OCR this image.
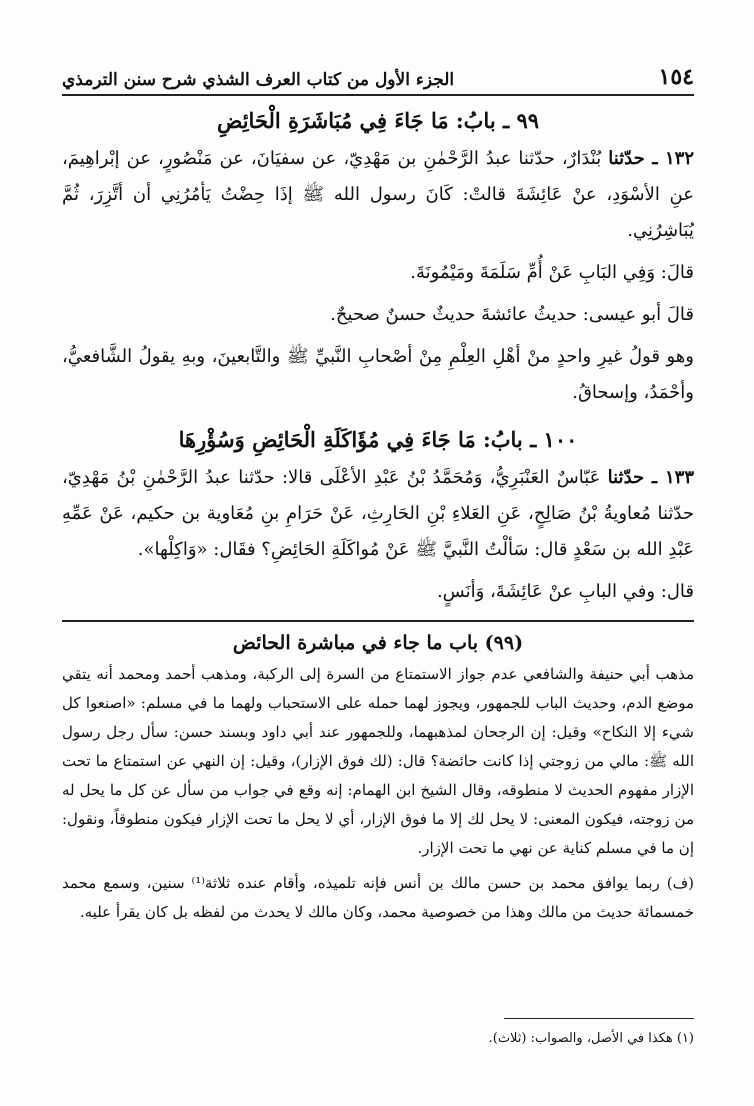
١٥٤
الجزء الأول من كتاب العرف الشذي شرح سنن الترمذي

٩٩ ـ بابُ: مَا جَاءَ فِي مُبَاشَرَةِ الْحَائِضِ

١٣٢ ـ حدّثنا بُنْدَارٌ، حدّثنا عبدُ الرَّحْمٰنِ بن مَهْدِيّ، عن سفيَانَ، عن مَنْصُورٍ، عن إبْراهِيمَ، عنِ الأسْوَدِ، عنْ عَائِشَةَ قالتْ: كَانَ رسول الله ﷺ إذَا حِضْتُ يَأمُرُنِي أن أتَّزِرَ، ثُمَّ يُبَاشِرُنِي.

قالَ: وَفِي البَابِ عَنْ أُمِّ سَلَمَةَ ومَيْمُونَةَ.

قالَ أبو عيسى: حديثُ عائشةَ حديثٌ حسنٌ صحيحٌ.

وهو قولُ غيرِ واحدٍ منْ أهْلِ العِلْمِ مِنْ أصْحابِ النَّبيِّ ﷺ والتَّابعينَ، وبهِ يقولُ الشَّافعيُّ، وأحْمَدُ، وإسحاقُ.

١٠٠ ـ بابُ: مَا جَاءَ فِي مُؤَاكَلَةِ الْحَائِضِ وَسُؤْرِهَا

١٣٣ ـ حدّثنا عَبّاسٌ العَنْبَرِيُّ، وَمُحَمَّدُ بْنُ عَبْدِ الأعْلَى قالا: حدّثنا عبدُ الرَّحْمٰنِ بْنُ مَهْدِيّ، حدّثنا مُعاويةُ بْنُ صَالِحٍ، عَنِ العَلاءِ بْنِ الحَارِثِ، عَنْ حَرَامِ بنِ مُعَاوية بن حكيم، عَنْ عَمِّهِ عَبْدِ الله بن سَعْدٍ قال: سَألْتُ النَّبيَّ ﷺ عَنْ مُواكَلَةِ الحَائِضِ؟ فقَال: «وَاكِلْها».

قال: وفي البابِ عنْ عَائِشَةَ، وَأنَسٍ.

(٩٩) باب ما جاء في مباشرة الحائض

مذهب أبي حنيفة والشافعي عدم جواز الاستمتاع من السرة إلى الركبة، ومذهب أحمد ومحمد أنه يتقي موضع الدم، وحديث الباب للجمهور، ويجوز لهما حمله على الاستحباب ولهما ما في مسلم: «اصنعوا كل شيء إلا النكاح» وقيل: إن الرجحان لمذهبهما، وللجمهور عند أبي داود وبسند حسن: سأل رجل رسول الله ﷺ: مالي من زوجتي إذا كانت حائضة؟ قال: (لك فوق الإزار)، وقيل: إن النهي عن استمتاع ما تحت الإزار مفهوم الحديث لا منطوقه، وقال الشيخ ابن الهمام: إنه وقع في جواب من سأل عن كل ما يحل له من زوجته، فيكون المعنى: لا يحل لك إلا ما فوق الإزار، أي لا يحل ما تحت الإزار فيكون منطوقاً، ونقول: إن ما في مسلم كناية عن نهي ما تحت الإزار.

(ف) ربما يوافق محمد بن حسن مالك بن أنس فإنه تلميذه، وأقام عنده ثلاثة⁽¹⁾ سنين، وسمع محمد خمسمائة حديث من مالك وهذا من خصوصية محمد، وكان مالك لا يحدث من لفظه بل كان يقرأ عليه.

(١) هكذا في الأصل، والصواب: (ثلاث).
